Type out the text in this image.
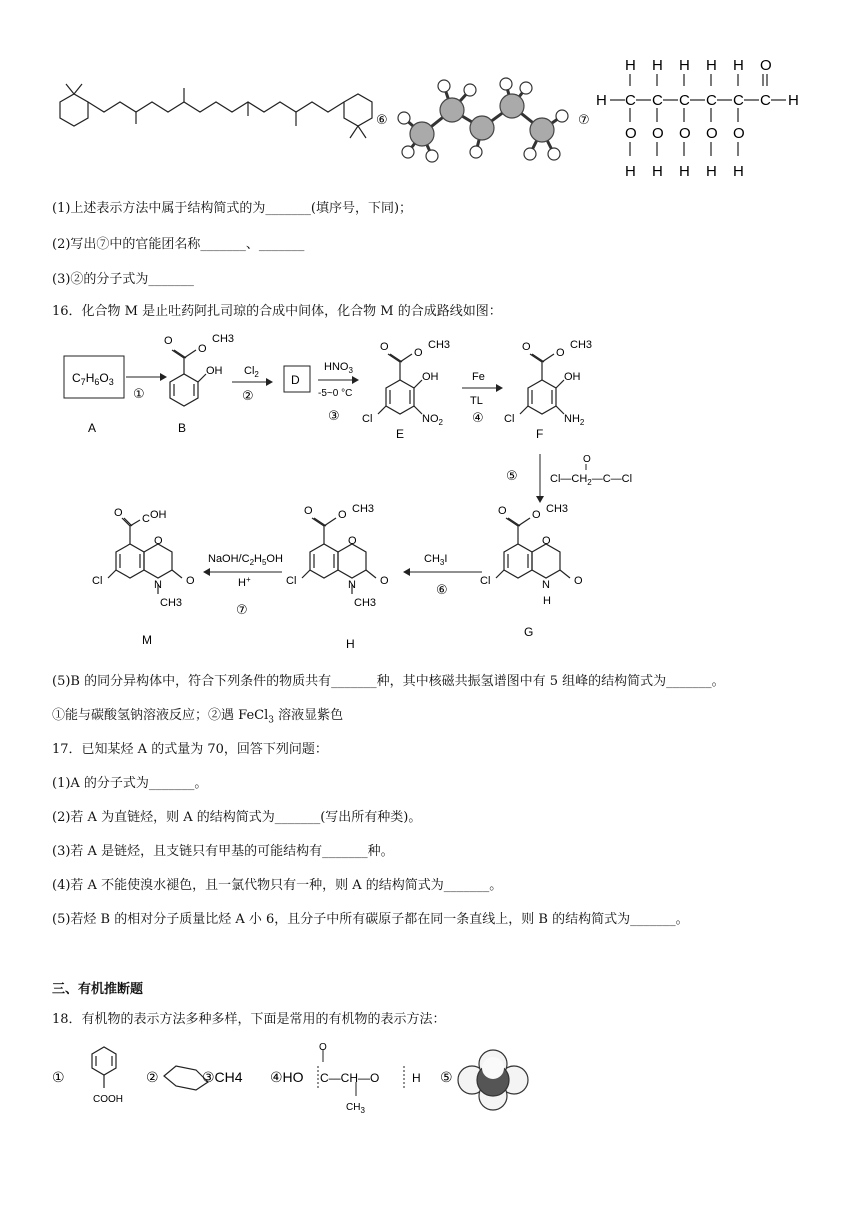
⑥	⑦
H
H
C
O
H
H
C
O
H
H
C
O
H
H
C
O
H
H
C
O
H
O
C H
(1)上述表示方法中属于结构简式的为_______(填序号，下同)；
(2)写出⑦中的官能团名称_______、_______
(3)②的分子式为_______
16．化合物 M 是止吐药阿扎司琼的合成中间体，化合物 M 的合成路线如图：
$C_7H_6O_3$
A
①
O
O
CH3
OH
B
$Cl_2$
②
D
$HNO_3$
-5~0 °C
③
O O
CH3
OH
$NO_2$
Cl
E
Fe
TL
④
O O
CH3
OH
$NH_2$
Cl
F
⑤
O
$Cl—CH_2—C—Cl$
O O CH3
O
N
H
O
Cl
G
$CH_3I$
⑥
O O CH3
O
N
CH3
O
Cl
H
NaOH/$C_2H_5OH$
H+
⑦
O C OH
O
N
CH3
O
Cl
M
(5)B 的同分异构体中，符合下列条件的物质共有_______种，其中核磁共振氢谱图中有 5 组峰的结构简式为_______。
①能与碳酸氢钠溶液反应；②遇 FeCl$_3$ 溶液显紫色
17．已知某烃 A 的式量为 70，回答下列问题：
(1)A 的分子式为_______。
(2)若 A 为直链烃，则 A 的结构简式为_______(写出所有种类)。
(3)若 A 是链烃，且支链只有甲基的可能结构有_______种。
(4)若 A 不能使溴水褪色，且一氯代物只有一种，则 A 的结构简式为_______。
(5)若烃 B 的相对分子质量比烃 A 小 6，且分子中所有碳原子都在同一条直线上，则 B 的结构简式为_______。
三、有机推断题
18．有机物的表示方法多种多样，下面是常用的有机物的表示方法：
①
COOH
②	③CH4 ④HO
O
C—CH—O	H
$CH_3$
⑤
